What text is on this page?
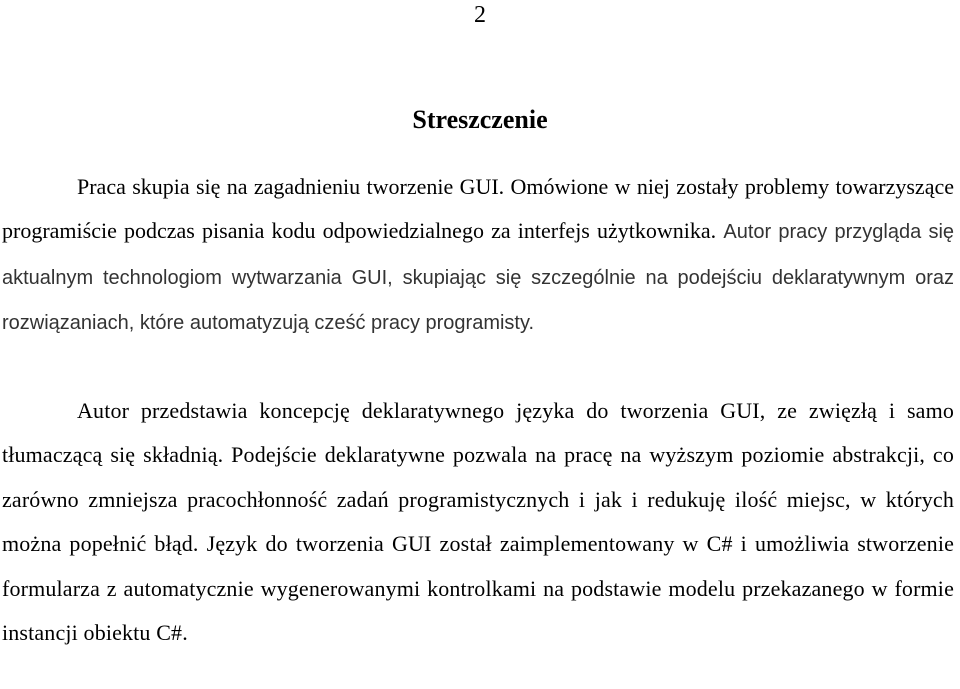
2
Streszczenie

Praca skupia się na zagadnieniu tworzenie GUI. Omówione w niej zostały problemy towarzyszące programiście podczas pisania kodu odpowiedzialnego za interfejs użytkownika. Autor pracy przygląda się aktualnym technologiom wytwarzania GUI, skupiając się szczególnie na podejściu deklaratywnym oraz rozwiązaniach, które automatyzują cześć pracy programisty.

Autor przedstawia koncepcję deklaratywnego języka do tworzenia GUI, ze zwięzłą i samo tłumaczącą się składnią. Podejście deklaratywne pozwala na pracę na wyższym poziomie abstrakcji, co zarówno zmniejsza pracochłonność zadań programistycznych i jak i redukuję ilość miejsc, w których można popełnić błąd. Język do tworzenia GUI został zaimplementowany w C# i umożliwia stworzenie formularza z automatycznie wygenerowanymi kontrolkami na podstawie modelu przekazanego w formie instancji obiektu C#.
